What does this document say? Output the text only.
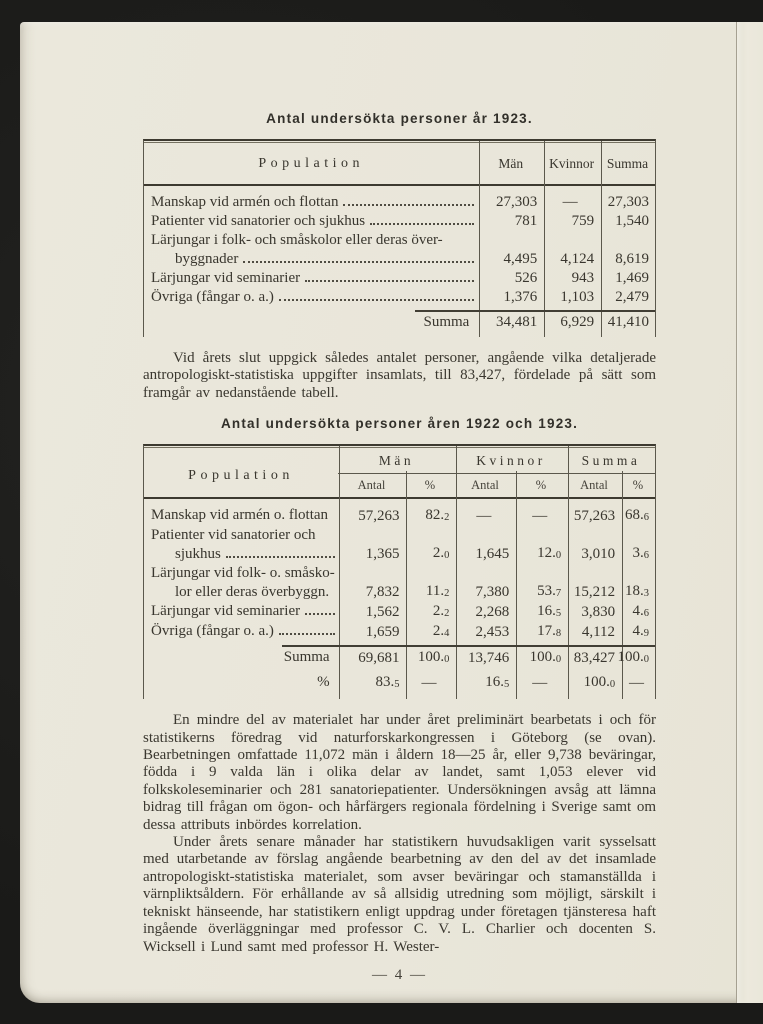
Antal undersökta personer år 1923.
Population	Män	Kvinnor Summa
Manskap vid armén och flottan	27,303 — 27,303
Patienter vid sanatorier och sjukhus	781 759 1,540
Lärjungar i folk- och småskolor eller deras över-
byggnader	4,495 4,124 8,619
Lärjungar vid seminarier	526 943 1,469
Övriga (fångar o. a.)	1,376 1,103 2,479
Summa 34,481 6,929 41,410

Vid årets slut uppgick således antalet personer, angående vilka detaljerade antropologiskt-statistiska uppgifter insamlats, till 83,427, fördelade på sätt som framgår av nedanstående tabell.

Antal undersökta personer åren 1922 och 1923.
Population
Män	Kvinnor	Summa
Antal	%	Antal	%	Antal	%
Manskap vid armén o. flottan 57,263 82.2 —	— 57,263 68.6
Patienter vid sanatorier och
sjukhus	1,365 2.0 1,645 12.0 3,010 3.6
Lärjungar vid folk- o. småsko-
lor eller deras överbyggn. 7,832 11.2 7,380 53.7 15,212 18.3
Lärjungar vid seminarier	1,562 2.2 2,268 16.5 3,830 4.6
Övriga (fångar o. a.)	1,659 2.4 2,453 17.8 4,112 4.9
Summa 69,681 100.0 13,746 100.0 83,427 100.0
%	83.5 —	16.5 — 100.0 —

En mindre del av materialet har under året preliminärt bearbetats i och för statistikerns föredrag vid naturforskarkongressen i Göteborg (se ovan). Bearbetningen omfattade 11,072 män i åldern 18—25 år, eller 9,738 beväringar, födda i 9 valda län i olika delar av landet, samt 1,053 elever vid folkskoleseminarier och 281 sanatoriepatienter. Undersökningen avsåg att lämna bidrag till frågan om ögon- och hårfärgers regionala fördelning i Sverige samt om dessa attributs inbördes korrelation.

Under årets senare månader har statistikern huvudsakligen varit sysselsatt med utarbetande av förslag angående bearbetning av den del av det insamlade antropologiskt-statistiska materialet, som avser beväringar och stamanställda i värnpliktsåldern. För erhållande av så allsidig utredning som möjligt, särskilt i tekniskt hänseende, har statistikern enligt uppdrag under företagen tjänsteresa haft ingående överläggningar med professor C. V. L. Charlier och docenten S. Wicksell i Lund samt med professor H. Wester-

— 4 —
